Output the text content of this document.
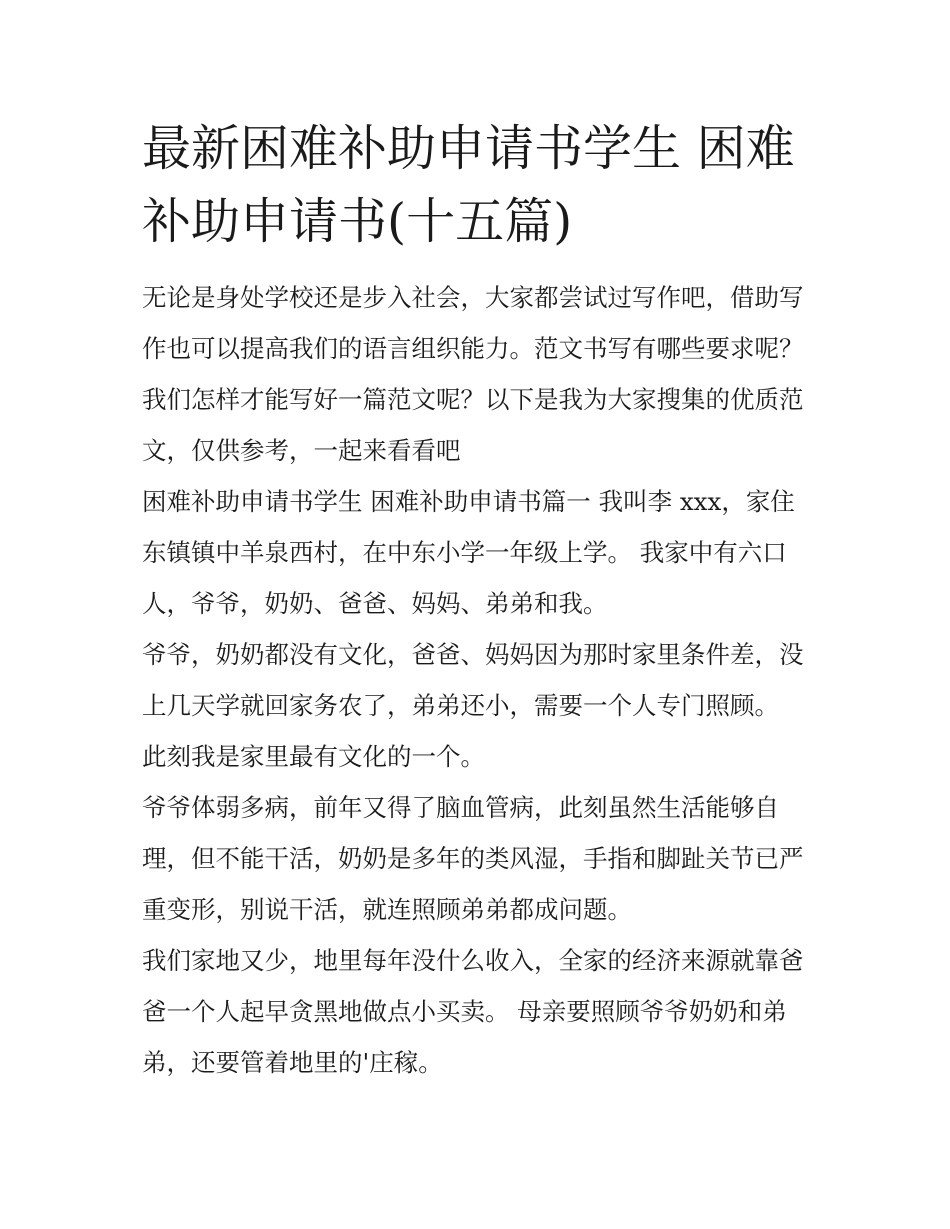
最新困难补助申请书学生 困难补助申请书(十五篇)

无论是身处学校还是步入社会，大家都尝试过写作吧，借助写作也可以提高我们的语言组织能力。范文书写有哪些要求呢？我们怎样才能写好一篇范文呢？以下是我为大家搜集的优质范文，仅供参考，一起来看看吧

困难补助申请书学生 困难补助申请书篇一 我叫李 xxx，家住东镇镇中羊泉西村，在中东小学一年级上学。 我家中有六口人，爷爷，奶奶、爸爸、妈妈、弟弟和我。

爷爷，奶奶都没有文化，爸爸、妈妈因为那时家里条件差，没上几天学就回家务农了，弟弟还小，需要一个人专门照顾。

此刻我是家里最有文化的一个。

爷爷体弱多病，前年又得了脑血管病，此刻虽然生活能够自理，但不能干活，奶奶是多年的类风湿，手指和脚趾关节已严重变形，别说干活，就连照顾弟弟都成问题。

我们家地又少，地里每年没什么收入，全家的经济来源就靠爸爸一个人起早贪黑地做点小买卖。 母亲要照顾爷爷奶奶和弟弟，还要管着地里的'庄稼。
